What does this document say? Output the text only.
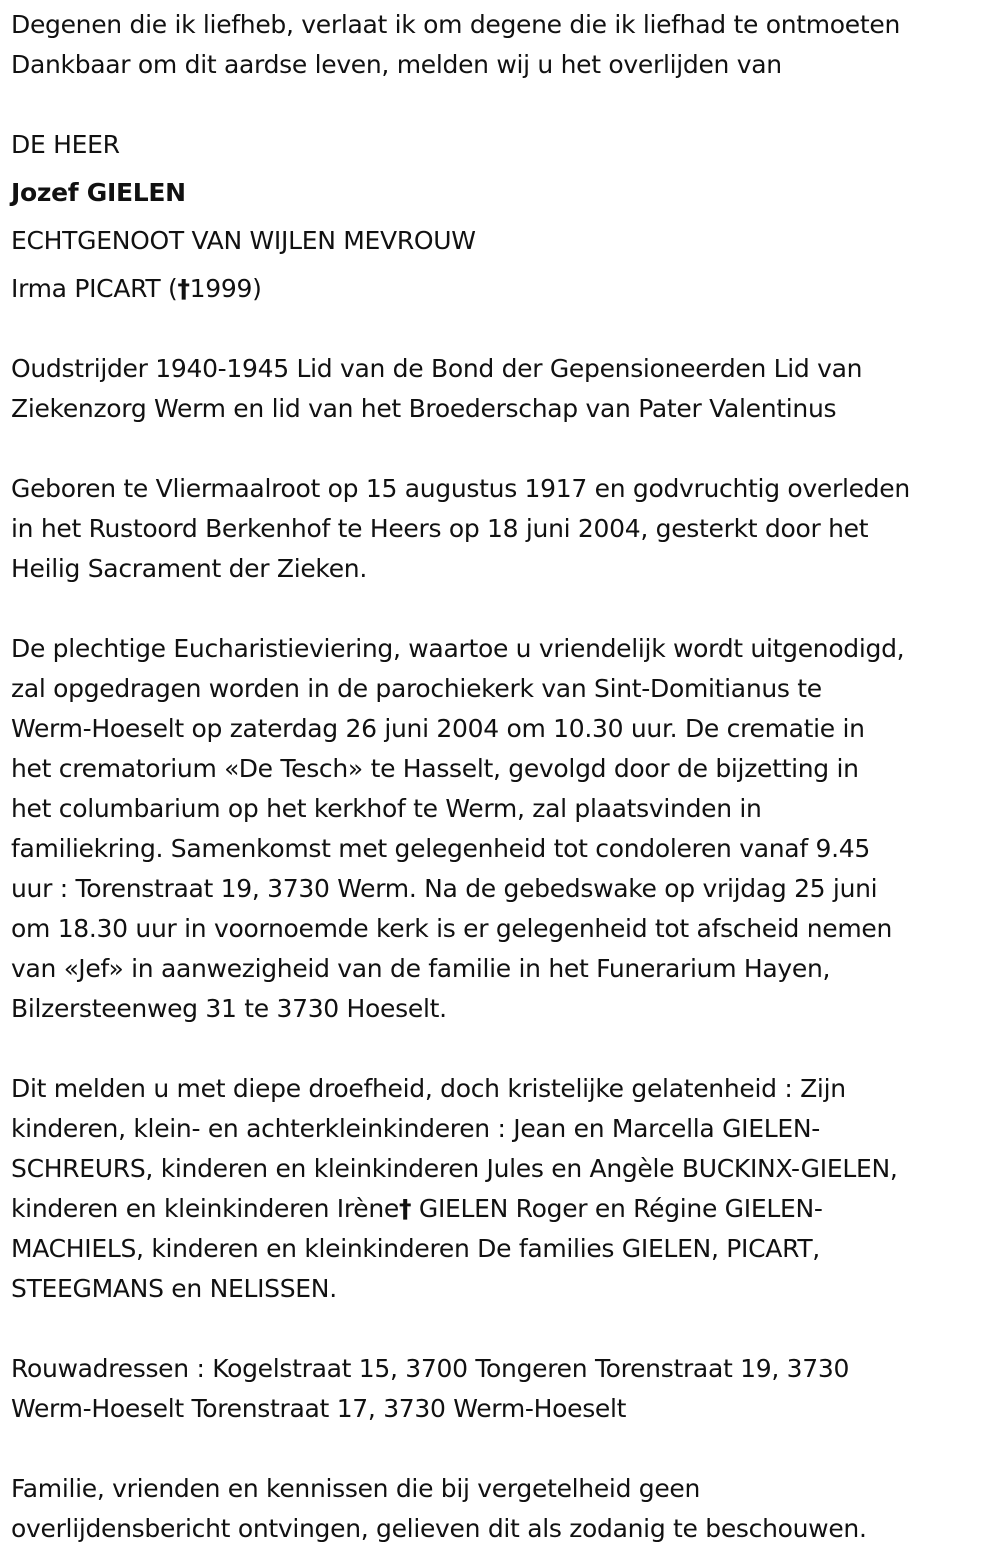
Degenen die ik liefheb, verlaat ik om degene die ik liefhad te ontmoeten
Dankbaar om dit aardse leven, melden wij u het overlijden van

DE HEER

Jozef GIELEN

ECHTGENOOT VAN WIJLEN MEVROUW

Irma PICART (†1999)

Oudstrijder 1940-1945 Lid van de Bond der Gepensioneerden Lid van
Ziekenzorg Werm en lid van het Broederschap van Pater Valentinus

Geboren te Vliermaalroot op 15 augustus 1917 en godvruchtig overleden
in het Rustoord Berkenhof te Heers op 18 juni 2004, gesterkt door het
Heilig Sacrament der Zieken.

De plechtige Eucharistieviering, waartoe u vriendelijk wordt uitgenodigd,
zal opgedragen worden in de parochiekerk van Sint-Domitianus te
Werm-Hoeselt op zaterdag 26 juni 2004 om 10.30 uur. De crematie in
het crematorium «De Tesch» te Hasselt, gevolgd door de bijzetting in
het columbarium op het kerkhof te Werm, zal plaatsvinden in
familiekring. Samenkomst met gelegenheid tot condoleren vanaf 9.45
uur : Torenstraat 19, 3730 Werm. Na de gebedswake op vrijdag 25 juni
om 18.30 uur in voornoemde kerk is er gelegenheid tot afscheid nemen
van «Jef» in aanwezigheid van de familie in het Funerarium Hayen,
Bilzersteenweg 31 te 3730 Hoeselt.

Dit melden u met diepe droefheid, doch kristelijke gelatenheid : Zijn
kinderen, klein- en achterkleinkinderen : Jean en Marcella GIELEN-
SCHREURS, kinderen en kleinkinderen Jules en Angèle BUCKINX-GIELEN,
kinderen en kleinkinderen Irène† GIELEN Roger en Régine GIELEN-
MACHIELS, kinderen en kleinkinderen De families GIELEN, PICART,
STEEGMANS en NELISSEN.

Rouwadressen : Kogelstraat 15, 3700 Tongeren Torenstraat 19, 3730
Werm-Hoeselt Torenstraat 17, 3730 Werm-Hoeselt

Familie, vrienden en kennissen die bij vergetelheid geen
overlijdensbericht ontvingen, gelieven dit als zodanig te beschouwen.
